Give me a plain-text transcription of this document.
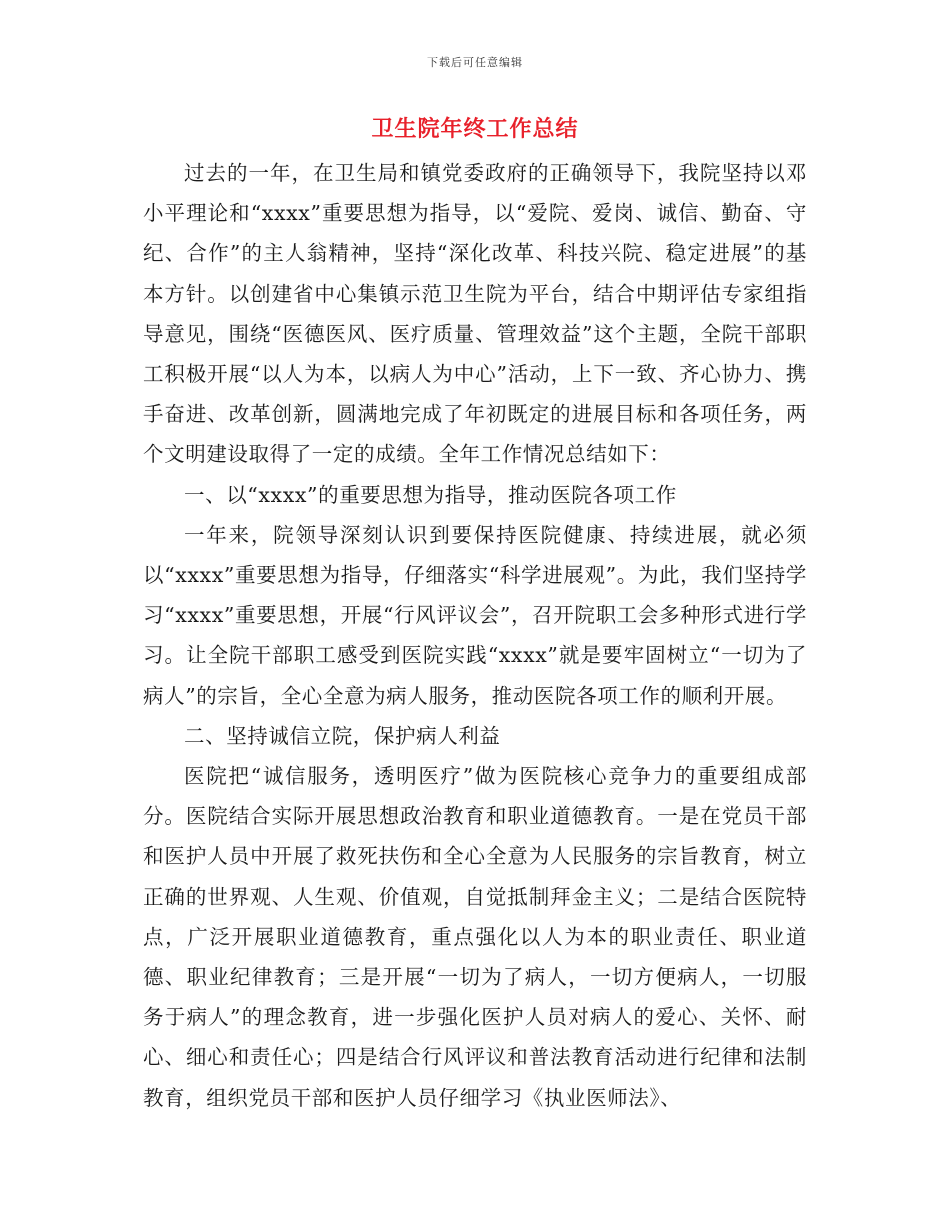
下载后可任意编辑
卫生院年终工作总结

过去的一年，在卫生局和镇党委政府的正确领导下，我院坚持以邓小平理论和“xxxx”重要思想为指导，以“爱院、爱岗、诚信、勤奋、守纪、合作”的主人翁精神，坚持“深化改革、科技兴院、稳定进展”的基本方针。以创建省中心集镇示范卫生院为平台，结合中期评估专家组指导意见，围绕“医德医风、医疗质量、管理效益”这个主题，全院干部职工积极开展“以人为本，以病人为中心”活动，上下一致、齐心协力、携手奋进、改革创新，圆满地完成了年初既定的进展目标和各项任务，两个文明建设取得了一定的成绩。全年工作情况总结如下：

一、以“xxxx”的重要思想为指导，推动医院各项工作

一年来，院领导深刻认识到要保持医院健康、持续进展，就必须以“xxxx”重要思想为指导，仔细落实“科学进展观”。为此，我们坚持学习“xxxx”重要思想，开展“行风评议会”，召开院职工会多种形式进行学习。让全院干部职工感受到医院实践“xxxx”就是要牢固树立“一切为了病人”的宗旨，全心全意为病人服务，推动医院各项工作的顺利开展。

二、坚持诚信立院，保护病人利益

医院把“诚信服务，透明医疗”做为医院核心竞争力的重要组成部分。医院结合实际开展思想政治教育和职业道德教育。一是在党员干部和医护人员中开展了救死扶伤和全心全意为人民服务的宗旨教育，树立正确的世界观、人生观、价值观，自觉抵制拜金主义；二是结合医院特点，广泛开展职业道德教育，重点强化以人为本的职业责任、职业道德、职业纪律教育；三是开展“一切为了病人，一切方便病人，一切服务于病人”的理念教育，进一步强化医护人员对病人的爱心、关怀、耐心、细心和责任心；四是结合行风评议和普法教育活动进行纪律和法制教育，组织党员干部和医护人员仔细学习《执业医师法》、
